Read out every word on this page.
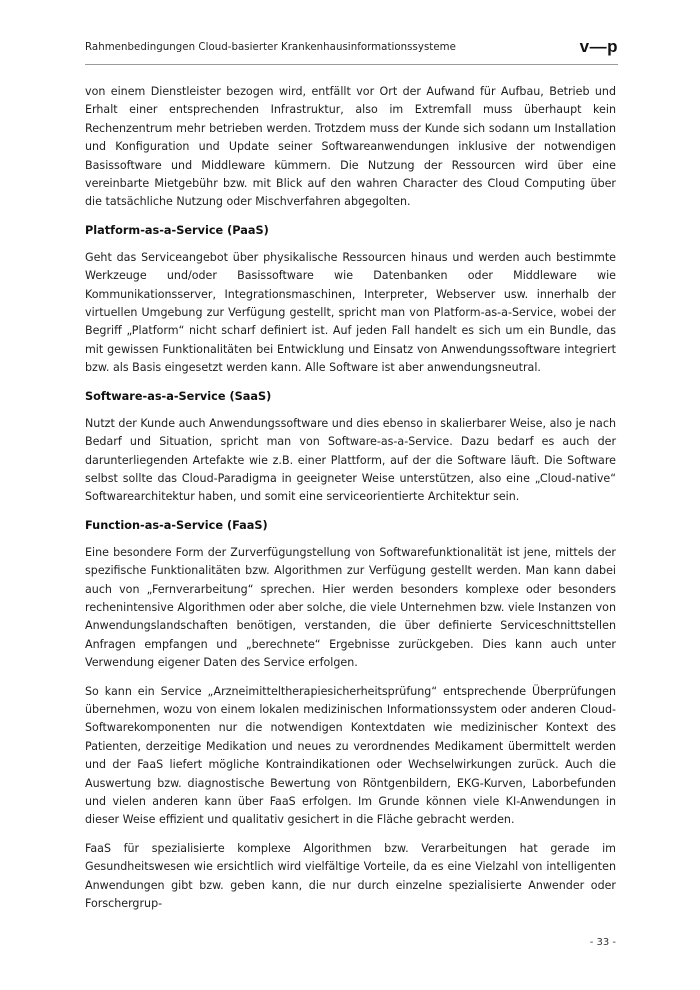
Rahmenbedingungen Cloud-basierter Krankenhausinformationssysteme	v—p

von einem Dienstleister bezogen wird, entfällt vor Ort der Aufwand für Aufbau, Betrieb und Erhalt einer entsprechenden Infrastruktur, also im Extremfall muss überhaupt kein Rechenzentrum mehr betrieben werden. Trotzdem muss der Kunde sich sodann um Installation und Konfiguration und Update seiner Softwareanwendungen inklusive der notwendigen Basissoftware und Middleware kümmern. Die Nutzung der Ressourcen wird über eine vereinbarte Mietgebühr bzw. mit Blick auf den wahren Character des Cloud Computing über die tatsächliche Nutzung oder Mischverfahren abgegolten.

Platform-as-a-Service (PaaS)

Geht das Serviceangebot über physikalische Ressourcen hinaus und werden auch bestimmte Werkzeuge und/oder Basissoftware wie Datenbanken oder Middleware wie Kommunikationsserver, Integrationsmaschinen, Interpreter, Webserver usw. innerhalb der virtuellen Umgebung zur Verfügung gestellt, spricht man von Platform-as-a-Service, wobei der Begriff „Platform“ nicht scharf definiert ist. Auf jeden Fall handelt es sich um ein Bundle, das mit gewissen Funktionalitäten bei Entwicklung und Einsatz von Anwendungssoftware integriert bzw. als Basis eingesetzt werden kann. Alle Software ist aber anwendungsneutral.

Software-as-a-Service (SaaS)

Nutzt der Kunde auch Anwendungssoftware und dies ebenso in skalierbarer Weise, also je nach Bedarf und Situation, spricht man von Software-as-a-Service. Dazu bedarf es auch der darunterliegenden Artefakte wie z.B. einer Plattform, auf der die Software läuft. Die Software selbst sollte das Cloud-Paradigma in geeigneter Weise unterstützen, also eine „Cloud-native“ Softwarearchitektur haben, und somit eine serviceorientierte Architektur sein.

Function-as-a-Service (FaaS)

Eine besondere Form der Zurverfügungstellung von Softwarefunktionalität ist jene, mittels der spezifische Funktionalitäten bzw. Algorithmen zur Verfügung gestellt werden. Man kann dabei auch von „Fernverarbeitung“ sprechen. Hier werden besonders komplexe oder besonders rechenintensive Algorithmen oder aber solche, die viele Unternehmen bzw. viele Instanzen von Anwendungslandschaften benötigen, verstanden, die über definierte Serviceschnittstellen Anfragen empfangen und „berechnete“ Ergebnisse zurückgeben. Dies kann auch unter Verwendung eigener Daten des Service erfolgen.

So kann ein Service „Arzneimitteltherapiesicherheitsprüfung“ entsprechende Überprüfungen übernehmen, wozu von einem lokalen medizinischen Informationssystem oder anderen Cloud-Softwarekomponenten nur die notwendigen Kontextdaten wie medizinischer Kontext des Patienten, derzeitige Medikation und neues zu verordnendes Medikament übermittelt werden und der FaaS liefert mögliche Kontraindikationen oder Wechselwirkungen zurück. Auch die Auswertung bzw. diagnostische Bewertung von Röntgenbildern, EKG-Kurven, Laborbefunden und vielen anderen kann über FaaS erfolgen. Im Grunde können viele KI-Anwendungen in dieser Weise effizient und qualitativ gesichert in die Fläche gebracht werden.

FaaS für spezialisierte komplexe Algorithmen bzw. Verarbeitungen hat gerade im Gesundheitswesen wie ersichtlich wird vielfältige Vorteile, da es eine Vielzahl von intelligenten Anwendungen gibt bzw. geben kann, die nur durch einzelne spezialisierte Anwender oder Forschergrup-

- 33 -
